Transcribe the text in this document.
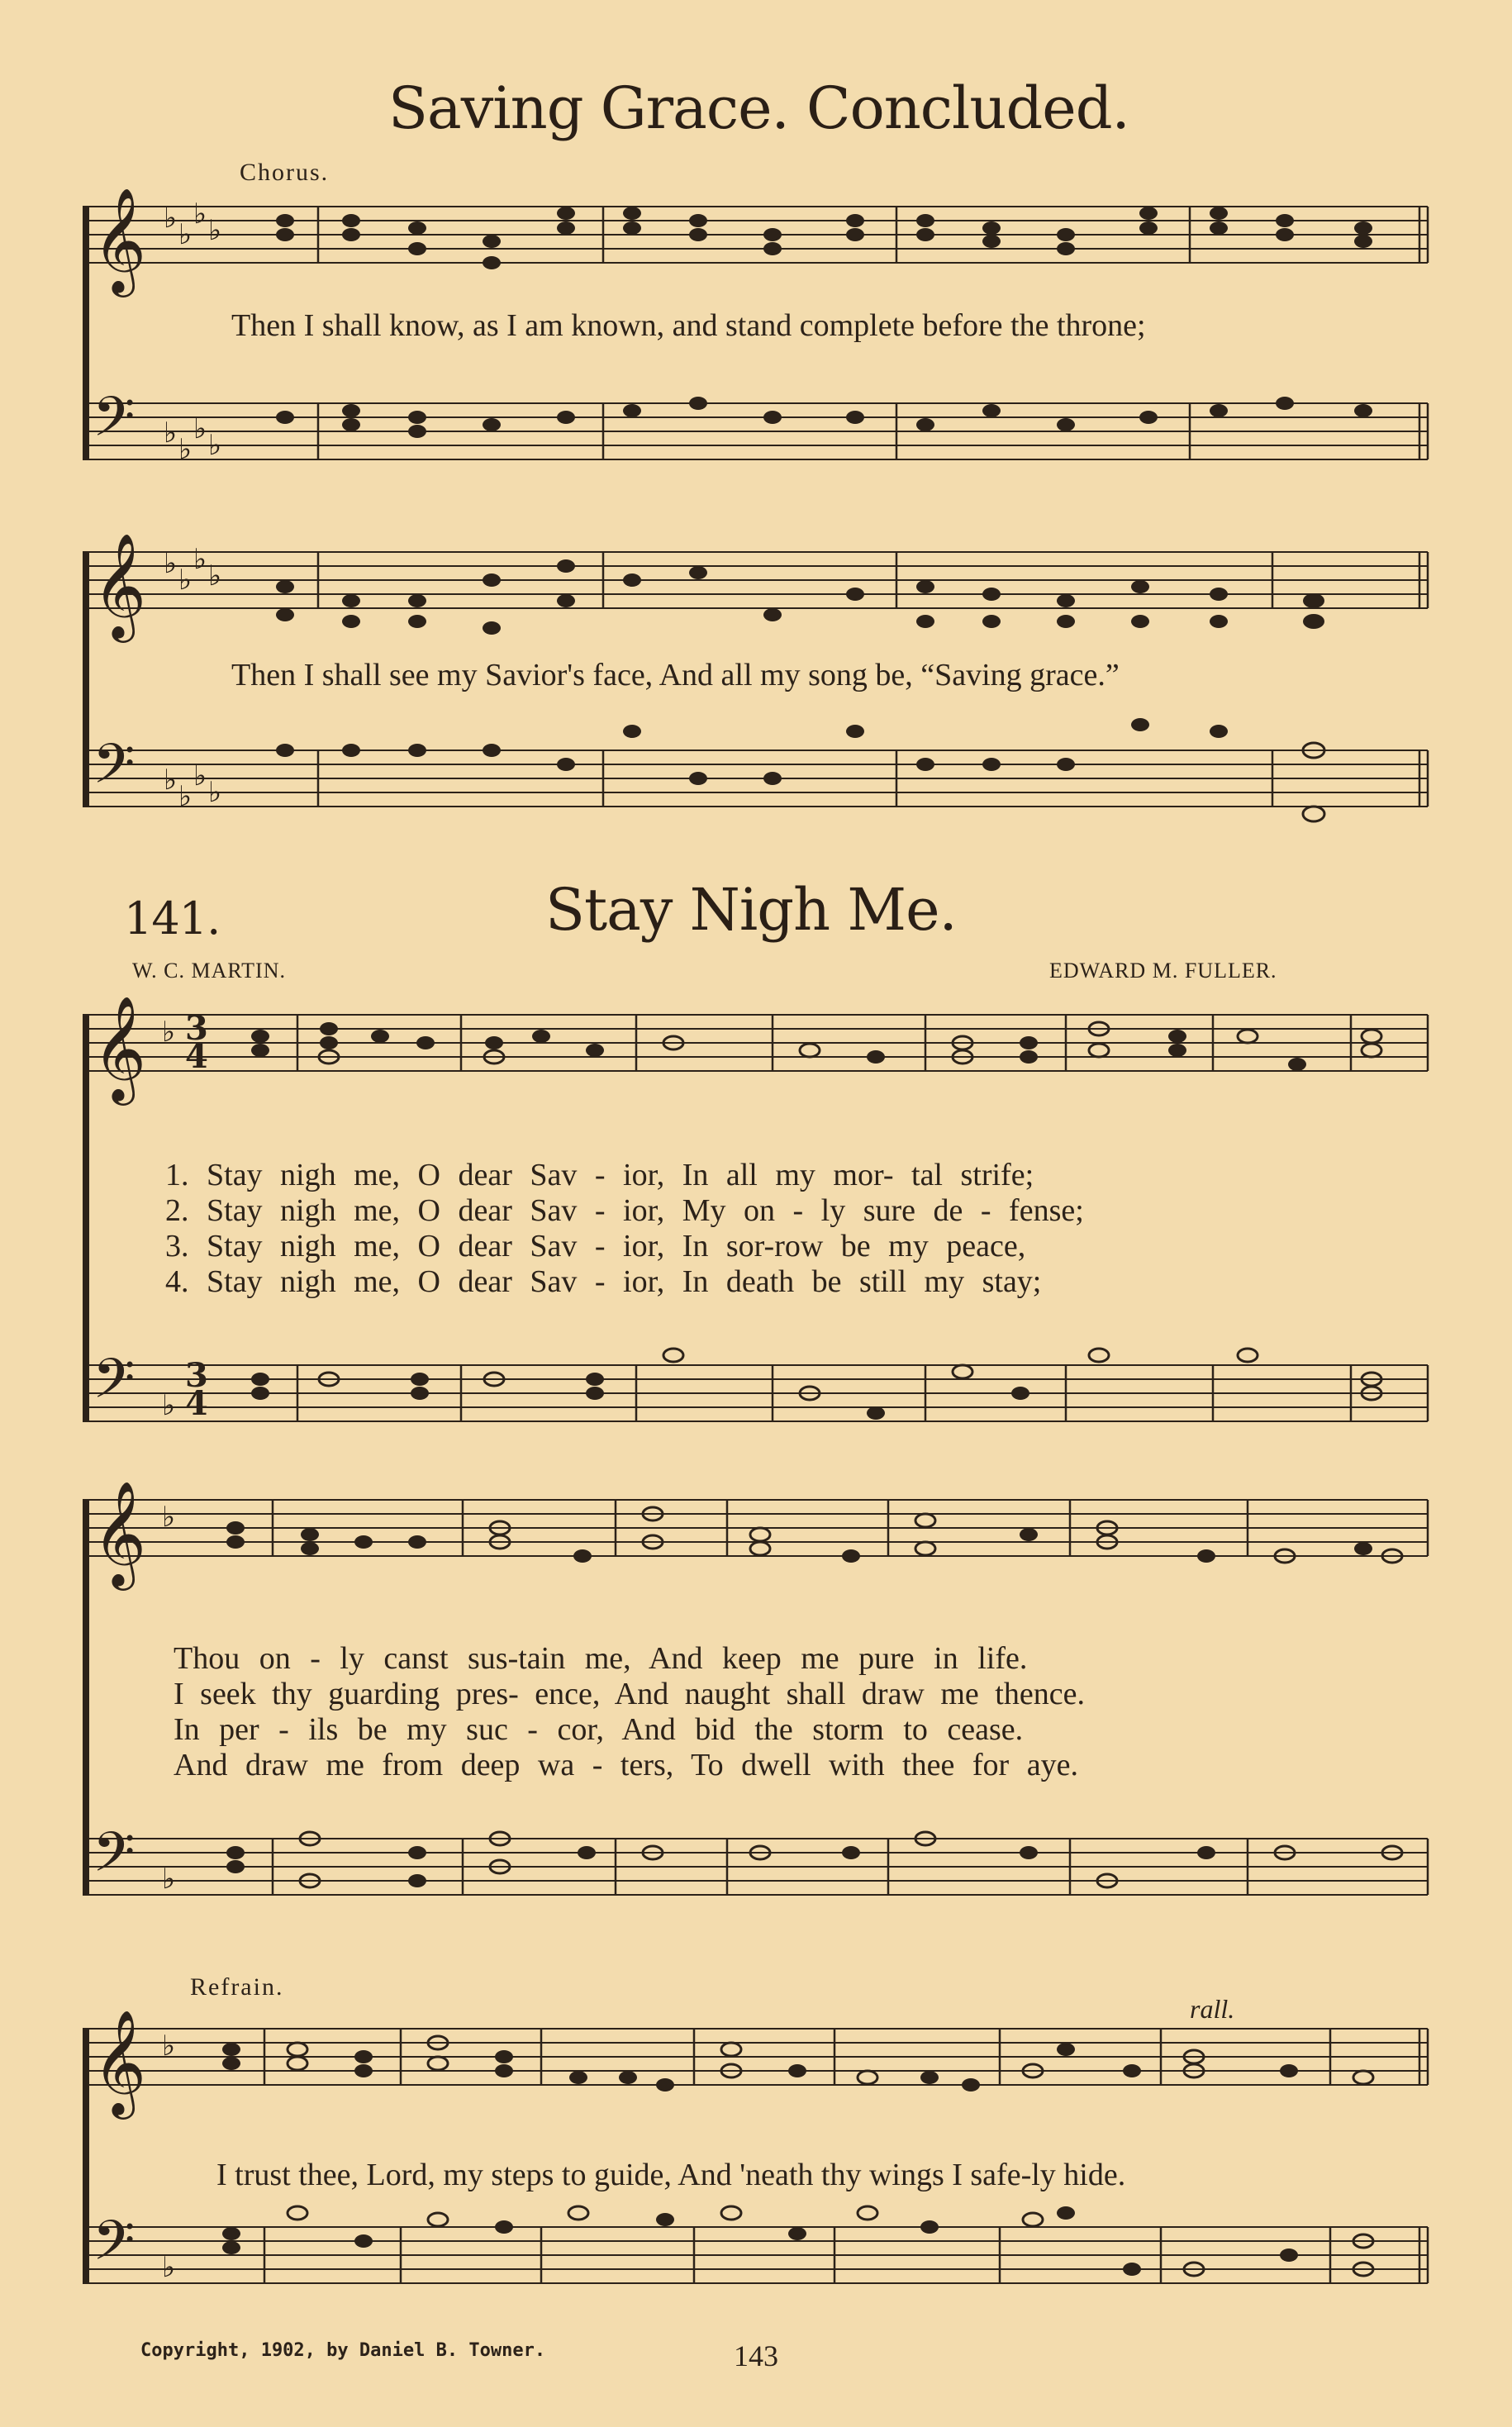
Saving Grace. Concluded.
Chorus.
𝄞
𝄢
♭ ♭
♭ ♭
♭ ♭
♭ ♭
𝄞
𝄢
♭ ♭
♭ ♭
♭ ♭
♭ ♭
Then I shall know, as I am known, and stand complete before the throne;
Then I shall see my Savior's face, And all my song be, “Saving grace.”
141.	Stay Nigh Me.
W. C. MARTIN.	EDWARD M. FULLER.
𝄞
𝄢
♭
♭
3
4
3
4
𝄞
𝄢
♭
♭
𝄞
𝄢
♭
♭
1. Stay nigh me, O dear Sav - ior, In all my mor- tal strife;
2. Stay nigh me, O dear Sav - ior, My on - ly sure de - fense;
3. Stay nigh me, O dear Sav - ior, In sor-row be my peace,
4. Stay nigh me, O dear Sav - ior, In death be still my stay;
Thou on - ly canst sus-tain me, And keep me pure in life.
I seek thy guarding pres- ence, And naught shall draw me thence.
In per - ils be my suc - cor, And bid the storm to cease.
And draw me from deep wa - ters, To dwell with thee for aye.
Refrain.
rall.
I trust thee, Lord, my steps to guide, And 'neath thy wings I safe-ly hide.
Copyright, 1902, by Daniel B. Towner.	143
